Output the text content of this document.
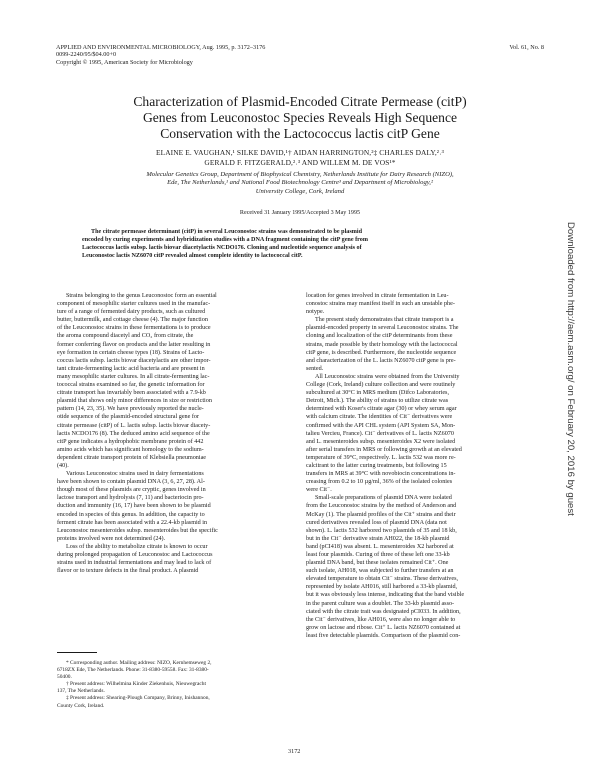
APPLIED AND ENVIRONMENTAL MICROBIOLOGY, Aug. 1995, p. 3172–3176
0099-2240/95/$04.00+0
Copyright © 1995, American Society for Microbiology
Vol. 61, No. 8
Characterization of Plasmid-Encoded Citrate Permease (citP)
Genes from Leuconostoc Species Reveals High Sequence
Conservation with the Lactococcus lactis citP Gene
ELAINE E. VAUGHAN,¹ SILKE DAVID,¹† AIDAN HARRINGTON,²‡ CHARLES DALY,²˒³
GERALD F. FITZGERALD,²˒³ AND WILLEM M. DE VOS¹*
Molecular Genetics Group, Department of Biophysical Chemistry, Netherlands Institute for Dairy Research (NIZO),
Ede, The Netherlands,¹ and National Food Biotechnology Centre³ and Department of Microbiology,²
University College, Cork, Ireland
Received 31 January 1995/Accepted 3 May 1995
The citrate permease determinant (citP) in several Leuconostoc strains was demonstrated to be plasmid
encoded by curing experiments and hybridization studies with a DNA fragment containing the citP gene from
Lactococcus lactis subsp. lactis biovar diacetylactis NCDO176. Cloning and nucleotide sequence analysis of
Leuconostoc lactis NZ6070 citP revealed almost complete identity to lactococcal citP.
Strains belonging to the genus Leuconostoc form an essential
component of mesophilic starter cultures used in the manufac-
ture of a range of fermented dairy products, such as cultured
butter, buttermilk, and cottage cheese (4). The major function
of the Leuconostoc strains in these fermentations is to produce
the aroma compound diacetyl and CO₂ from citrate, the
former conferring flavor on products and the latter resulting in
eye formation in certain cheese types (18). Strains of Lacto-
coccus lactis subsp. lactis biovar diacetylactis are other impor-
tant citrate-fermenting lactic acid bacteria and are present in
many mesophilic starter cultures. In all citrate-fermenting lac-
tococcal strains examined so far, the genetic information for
citrate transport has invariably been associated with a 7.9-kb
plasmid that shows only minor differences in size or restriction
pattern (14, 23, 35). We have previously reported the nucle-
otide sequence of the plasmid-encoded structural gene for
citrate permease (citP) of L. lactis subsp. lactis biovar diacety-
lactis NCDO176 (8). The deduced amino acid sequence of the
citP gene indicates a hydrophobic membrane protein of 442
amino acids which has significant homology to the sodium-
dependent citrate transport protein of Klebsiella pneumoniae
(40).
Various Leuconostoc strains used in dairy fermentations
have been shown to contain plasmid DNA (3, 6, 27, 28). Al-
though most of these plasmids are cryptic, genes involved in
lactose transport and hydrolysis (7, 11) and bacteriocin pro-
duction and immunity (16, 17) have been shown to be plasmid
encoded in species of this genus. In addition, the capacity to
ferment citrate has been associated with a 22.4-kb plasmid in
Leuconostoc mesenteroides subsp. mesenteroides but the specific
proteins involved were not determined (24).
Loss of the ability to metabolize citrate is known to occur
during prolonged propagation of Leuconostoc and Lactococcus
strains used in industrial fermentations and may lead to lack of
flavor or to texture defects in the final product. A plasmid
location for genes involved in citrate fermentation in Leu-
conostoc strains may manifest itself in such an unstable phe-
notype.
The present study demonstrates that citrate transport is a
plasmid-encoded property in several Leuconostoc strains. The
cloning and localization of the citP determinants from these
strains, made possible by their homology with the lactococcal
citP gene, is described. Furthermore, the nucleotide sequence
and characterization of the L. lactis NZ6070 citP gene is pre-
sented.
All Leuconostoc strains were obtained from the University
College (Cork, Ireland) culture collection and were routinely
subcultured at 30°C in MRS medium (Difco Laboratories,
Detroit, Mich.). The ability of strains to utilize citrate was
determined with Koser's citrate agar (30) or whey serum agar
with calcium citrate. The identities of Cit⁻ derivatives were
confirmed with the API CHL system (API System SA, Mon-
talieu Vercieu, France). Cit⁻ derivatives of L. lactis NZ6070
and L. mesenteroides subsp. mesenteroides X2 were isolated
after serial transfers in MRS or following growth at an elevated
temperature of 39°C, respectively. L. lactis 532 was more re-
calcitrant to the latter curing treatments, but following 15
transfers in MRS at 39°C with novobiocin concentrations in-
creasing from 0.2 to 10 µg/ml, 36% of the isolated colonies
were Cit⁻.
Small-scale preparations of plasmid DNA were isolated
from the Leuconostoc strains by the method of Anderson and
McKay (1). The plasmid profiles of the Cit⁺ strains and their
cured derivatives revealed loss of plasmid DNA (data not
shown). L. lactis 532 harbored two plasmids of 35 and 18 kb,
but in the Cit⁻ derivative strain AH022, the 18-kb plasmid
band (pCI418) was absent. L. mesenteroides X2 harbored at
least four plasmids. Curing of three of these left one 33-kb
plasmid DNA band, but these isolates remained Cit⁺. One
such isolate, AH018, was subjected to further transfers at an
elevated temperature to obtain Cit⁻ strains. These derivatives,
represented by isolate AH016, still harbored a 33-kb plasmid,
but it was obviously less intense, indicating that the band visible
in the parent culture was a doublet. The 33-kb plasmid asso-
ciated with the citrate trait was designated pCI033. In addition,
the Cit⁻ derivatives, like AH016, were also no longer able to
grow on lactose and ribose. Cit⁺ L. lactis NZ6070 contained at
least five detectable plasmids. Comparison of the plasmid con-
* Corresponding author. Mailing address: NIZO, Kernhemseweg 2,
6718ZX Ede, The Netherlands. Phone: 31-8380-59558. Fax: 31-8380-
50400.
† Present address: Wilhelmina Kinder Ziekenhuis, Nieuwegracht
137, The Netherlands.
‡ Present address: Shearing-Plough Company, Brinny, Inishannon,
County Cork, Ireland.
3172
Downloaded from http://aem.asm.org/ on February 20, 2016 by guest
